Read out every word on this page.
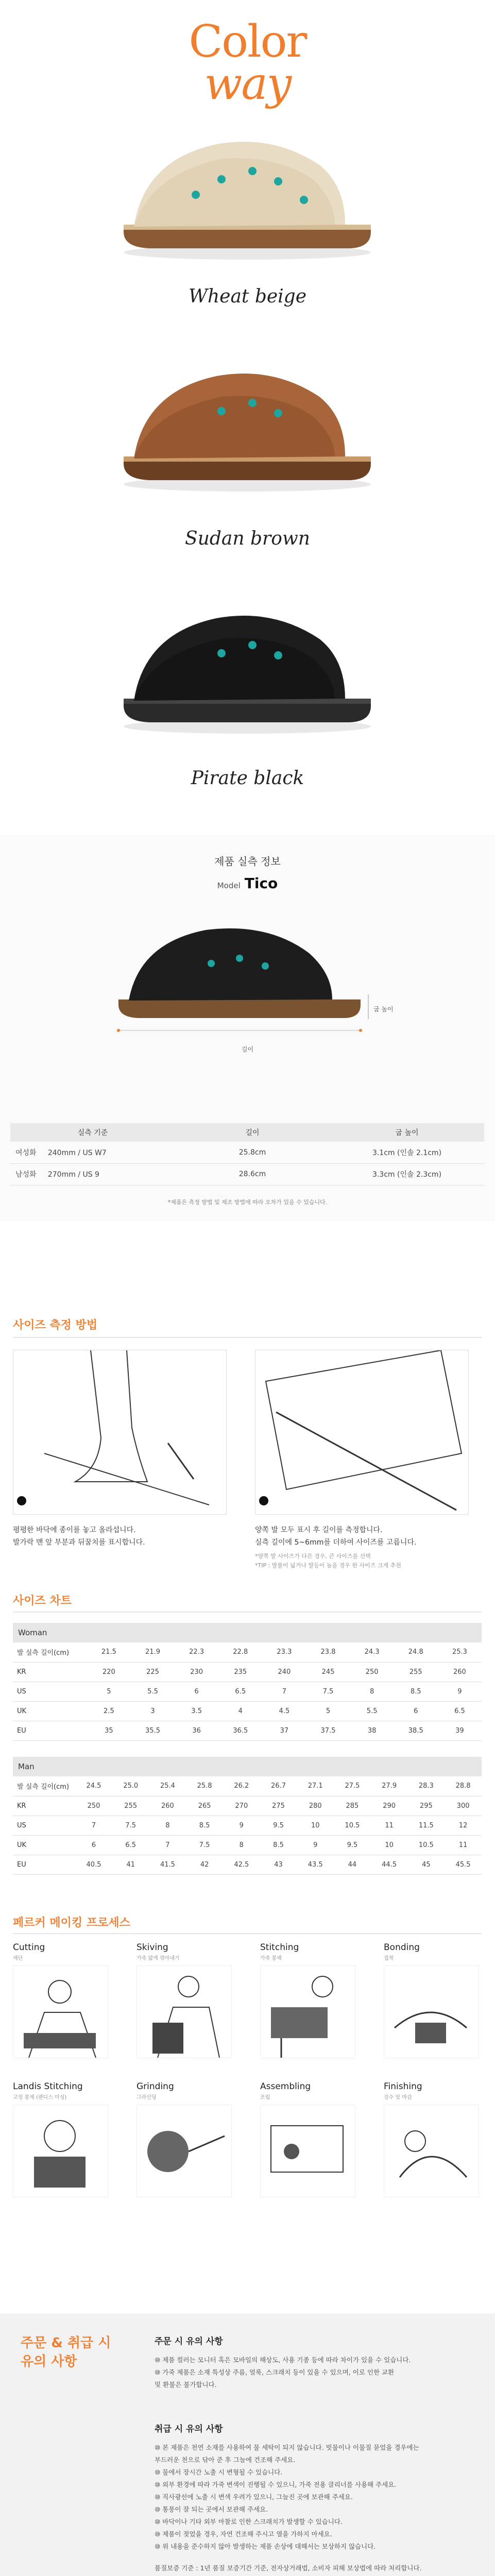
Color
way
Wheat beige
Sudan brown
Pirate black
제품 실측 정보
Model Tico
굽 높이
길이
실측 기준	길이	굽 높이
여성화 240mm / US W7	25.8cm	3.1cm (인솔 2.1cm)
남성화 270mm / US 9	28.6cm	3.3cm (인솔 2.3cm)
*제품은 측정 방법 및 제조 방법에 따라 오차가 있을 수 있습니다.
사이즈 측정 방법
평평한 바닥에 종이를 놓고 올라섭니다.
발가락 맨 앞 부분과 뒤꿈치를 표시합니다.
양쪽 발 모두 표시 후 길이를 측정합니다.
실측 길이에 5~6mm를 더하여 사이즈를 고릅니다.
*양쪽 발 사이즈가 다른 경우, 큰 사이즈를 선택
*TIP : 발볼이 넓거나 발등이 높을 경우 한 사이즈 크게 추천
사이즈 차트
Woman									
발 실측 길이(cm)	21.5	21.9	22.3	22.8	23.3	23.8	24.3	24.8	25.3
KR	220	225	230	235	240	245	250	255	260
US	5	5.5	6	6.5	7	7.5	8	8.5	9
UK	2.5	3	3.5	4	4.5	5	5.5	6	6.5
EU	35	35.5	36	36.5	37	37.5	38	38.5	39
Man											
발 실측 길이(cm)	24.5	25.0	25.4	25.8	26.2	26.7	27.1	27.5	27.9	28.3	28.8
KR	250	255	260	265	270	275	280	285	290	295	300
US	7	7.5	8	8.5	9	9.5	10	10.5	11	11.5	12
UK	6	6.5	7	7.5	8	8.5	9	9.5	10	10.5	11
EU	40.5	41	41.5	42	42.5	43	43.5	44	44.5	45	45.5
페르커 메이킹 프로세스
Cutting
재단
Skiving
가죽 얇게 깎아내기
Stitching
가죽 봉제
Bonding
접착
Landis Stitching
고정 봉제 (랜디스 미싱)
Grinding
그라인딩
Assembling
조립
Finishing
검수 및 마감
주문 & 취급 시
유의 사항
주문 시 유의 사항
⑩ 제품 컬러는 모니터 혹은 모바일의 해상도, 사용 기종 등에 따라 차이가 있을 수 있습니다.
⑩ 가죽 제품은 소재 특성상 주름, 얼룩, 스크래치 등이 있을 수 있으며, 이로 인한 교환
및 환불은 불가합니다.
취급 시 유의 사항
⑩ 본 제품은 천연 소재를 사용하여 물 세탁이 되지 않습니다. 빗물이나 이물질 묻었을 경우에는
부드러운 천으로 닦아 준 후 그늘에 건조해 주세요.
⑩ 물에서 장시간 노출 시 변형될 수 있습니다.
⑩ 외부 환경에 따라 가죽 변색이 진행될 수 있으니, 가죽 전용 클리너를 사용해 주세요.
⑩ 직사광선에 노출 시 변색 우려가 있으니, 그늘진 곳에 보관해 주세요.
⑩ 통풍이 잘 되는 곳에서 보관해 주세요.
⑩ 바닥이나 기타 외부 마찰로 인한 스크래치가 발생할 수 있습니다.
⑩ 제품이 젖었을 경우, 자연 건조해 주시고 열을 가하지 마세요.
⑩ 위 내용을 준수하지 않아 발생하는 제품 손상에 대해서는 보상하지 않습니다.
품질보증 기준 : 1년 품질 보증기간 기준, 전자상거래법, 소비자 피해 보상법에 따라 처리합니다.
